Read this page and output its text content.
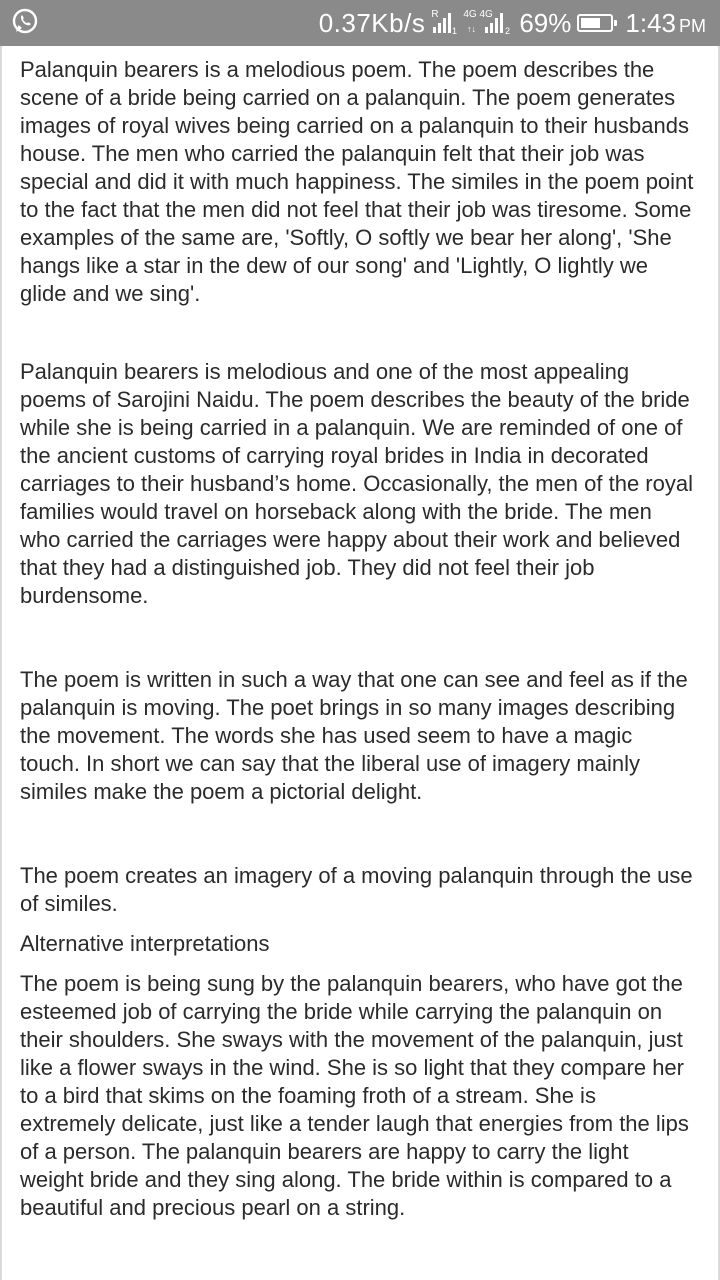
0.37Kb/s R
1
4G 4G
↑↓	2 69% 1:43 PM

Palanquin bearers is a melodious poem. The poem describes the scene of a bride being carried on a palanquin. The poem generates images of royal wives being carried on a palanquin to their husbands house. The men who carried the palanquin felt that their job was special and did it with much happiness. The similes in the poem point to the fact that the men did not feel that their job was tiresome. Some examples of the same are, 'Softly, O softly we bear her along', 'She hangs like a star in the dew of our song' and 'Lightly, O lightly we glide and we sing'.

Palanquin bearers is melodious and one of the most appealing poems of Sarojini Naidu. The poem describes the beauty of the bride while she is being carried in a palanquin. We are reminded of one of the ancient customs of carrying royal brides in India in decorated carriages to their husband’s home. Occasionally, the men of the royal families would travel on horseback along with the bride. The men who carried the carriages were happy about their work and believed that they had a distinguished job. They did not feel their job burdensome.

The poem is written in such a way that one can see and feel as if the palanquin is moving. The poet brings in so many images describing the movement. The words she has used seem to have a magic touch. In short we can say that the liberal use of imagery mainly similes make the poem a pictorial delight.

The poem creates an imagery of a moving palanquin through the use of similes.

Alternative interpretations

The poem is being sung by the palanquin bearers, who have got the esteemed job of carrying the bride while carrying the palanquin on their shoulders. She sways with the movement of the palanquin, just like a flower sways in the wind. She is so light that they compare her to a bird that skims on the foaming froth of a stream. She is extremely delicate, just like a tender laugh that energies from the lips of a person. The palanquin bearers are happy to carry the light weight bride and they sing along. The bride within is compared to a beautiful and precious pearl on a string.
